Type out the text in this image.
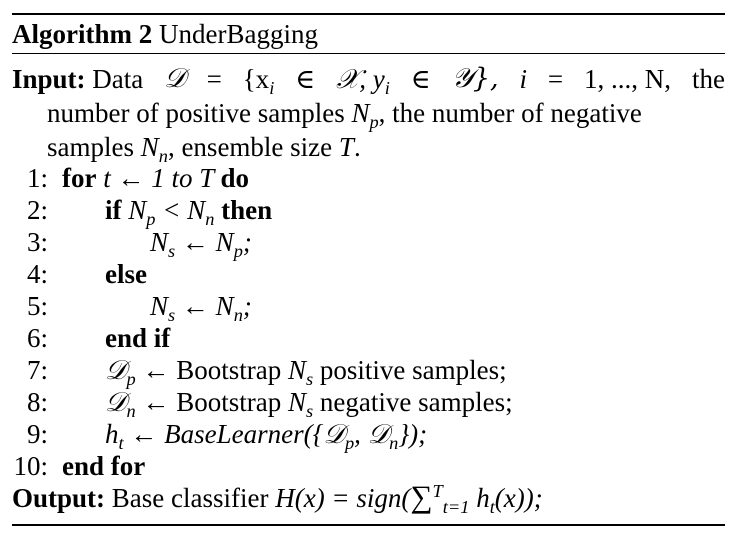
Algorithm 2 UnderBagging
Input: Data 𝒟 = {$x_i$ ∈ 𝒳, $y_i$ ∈ 𝒴}, i = 1, ..., N, the
number of positive samples $N_p$, the number of negative
samples $N_n$, ensemble size T.
1: for t ← 1 to T do
2: if $N_p < N_n$ then
3:	$N_s$ ← $N_p$;
4: else
5:	$N_s$ ← $N_n$;
6: end if
7: 𝒟$_p$ ← Bootstrap $N_s$ positive samples;
8: 𝒟$_n$ ← Bootstrap $N_s$ negative samples;
9: $h_t$ ← BaseLearner({𝒟$_p$, 𝒟$_n$});
10: end for
Output: Base classifier H(x) = sign(∑$^T_{t=1}$ $h_t(x)$);
